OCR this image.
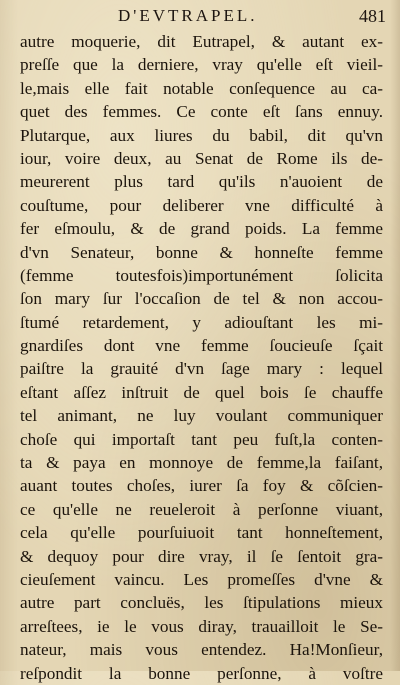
D'EVTRAPEL.	481
autre moquerie, dit Eutrapel, & autant ex-
preſſe que la derniere, vray qu'elle eſt vieil-
le,mais elle fait notable conſequence au ca-
quet des femmes. Ce conte eſt ſans ennuy.
Plutarque, aux liures du babil, dit qu'vn
iour, voire deux, au Senat de Rome ils de-
meurerent plus tard qu'ils n'auoient de
couſtume, pour deliberer vne difficulté à
fer eſmoulu, & de grand poids. La femme
d'vn Senateur, bonne & honneſte femme
(femme toutesfois)importunément ſolicita
ſon mary ſur l'occaſion de tel & non accou-
ſtumé retardement, y adiouſtant les mi-
gnardiſes dont vne femme ſoucieuſe ſçait
paiſtre la grauité d'vn ſage mary : lequel
eſtant aſſez inſtruit de quel bois ſe chauffe
tel animant, ne luy voulant communiquer
choſe qui importaſt tant peu fuſt,la conten-
ta & paya en monnoye de femme,la faiſant,
auant toutes choſes, iurer ſa foy & cõſcien-
ce qu'elle ne reueleroit à perſonne viuant,
cela qu'elle pourſuiuoit tant honneſtement,
& dequoy pour dire vray, il ſe ſentoit gra-
cieuſement vaincu. Les promeſſes d'vne &
autre part concluës, les ſtipulations mieux
arreſtees, ie le vous diray, trauailloit le Se-
nateur, mais vous entendez. Ha!Monſieur,
reſpondit la bonne perſonne, à voſtre
